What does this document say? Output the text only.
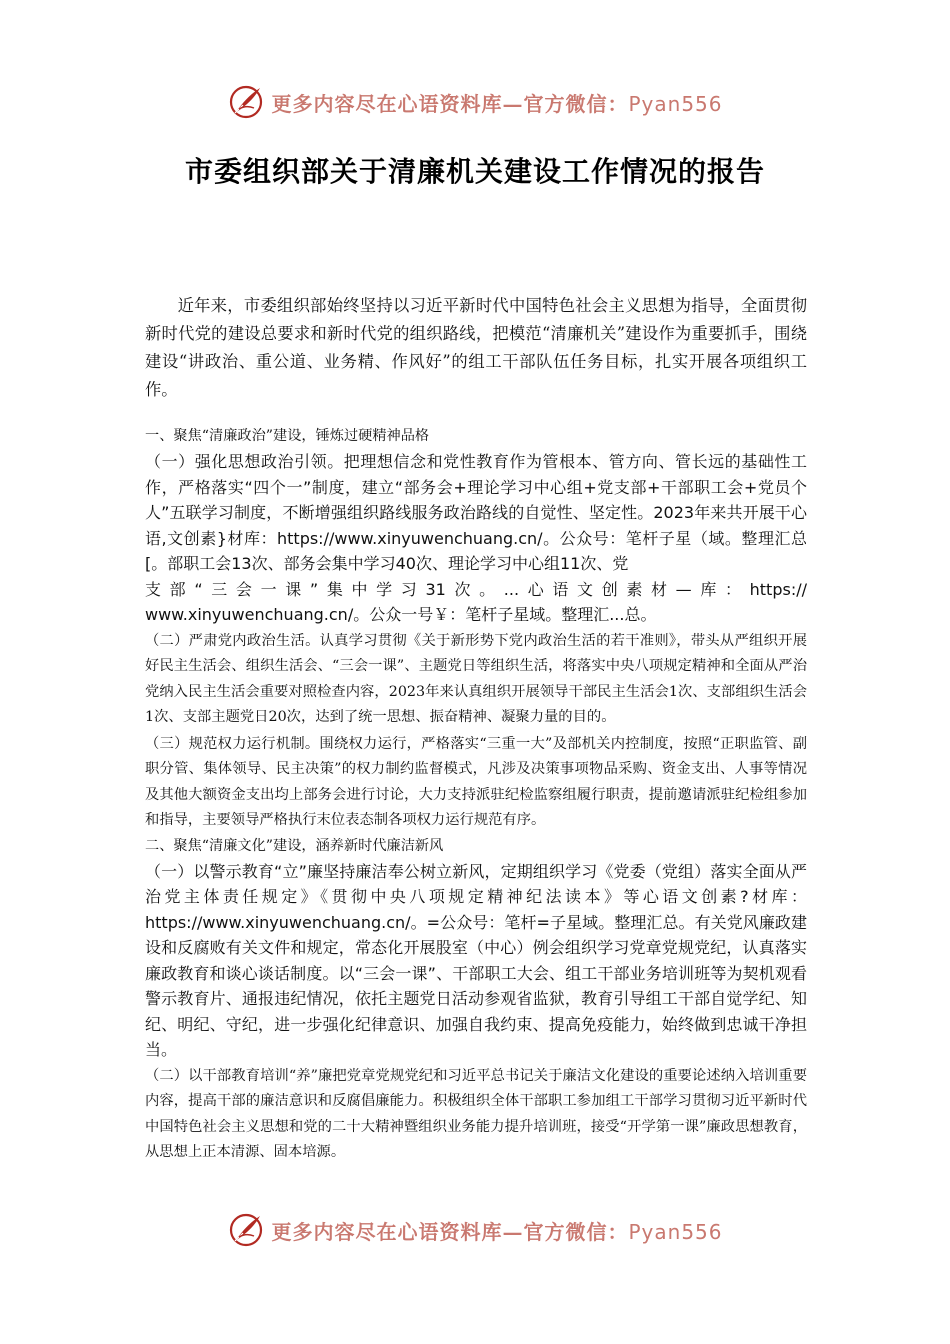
更多内容尽在心语资料库—官方微信：Pyan556
市委组织部关于清廉机关建设工作情况的报告

近年来，市委组织部始终坚持以习近平新时代中国特色社会主义思想为指导，全面贯彻新时代党的建设总要求和新时代党的组织路线，把模范“清廉机关”建设作为重要抓手，围绕建设“讲政治、重公道、业务精、作风好”的组工干部队伍任务目标，扎实开展各项组织工作。

一、聚焦“清廉政治”建设，锤炼过硬精神品格

（一）强化思想政治引领。把理想信念和党性教育作为管根本、管方向、管长远的基础性工作，严格落实“四个一”制度，建立“部务会+理论学习中心组+党支部+干部职工会+党员个人”五联学习制度，不断增强组织路线服务政治路线的自觉性、坚定性。2023年来共开展干心语,文创素}材库：https://www.xinyuwenchuang.cn/。公众号：笔杆子星（域。整理汇总[。部职工会13次、部务会集中学习40次、理论学习中心组11次、党

支部“三会一课”集中学习31次。...心语文创素材—库：https://

www.xinyuwenchuang.cn/。公众一号￥：笔杆子星域。整理汇...总。

（二）严肃党内政治生活。认真学习贯彻《关于新形势下党内政治生活的若干准则》，带头从严组织开展好民主生活会、组织生活会、“三会一课”、主题党日等组织生活，将落实中央八项规定精神和全面从严治党纳入民主生活会重要对照检查内容，2023年来认真组织开展领导干部民主生活会1次、支部组织生活会1次、支部主题党日20次，达到了统一思想、振奋精神、凝聚力量的目的。

（三）规范权力运行机制。围绕权力运行，严格落实“三重一大”及部机关内控制度，按照“正职监管、副职分管、集体领导、民主决策”的权力制约监督模式，凡涉及决策事项物品采购、资金支出、人事等情况及其他大额资金支出均上部务会进行讨论，大力支持派驻纪检监察组履行职责，提前邀请派驻纪检组参加和指导，主要领导严格执行末位表态制各项权力运行规范有序。

二、聚焦“清廉文化”建设，涵养新时代廉洁新风

（一）以警示教育“立”廉坚持廉洁奉公树立新风，定期组织学习《党委（党组）落实全面从严治党主体责任规定》《贯彻中央八项规定精神纪法读本》等心语文创素?材库：https://www.xinyuwenchuang.cn/。=公众号：笔杆=子星域。整理汇总。有关党风廉政建设和反腐败有关文件和规定，常态化开展股室（中心）例会组织学习党章党规党纪，认真落实廉政教育和谈心谈话制度。以“三会一课”、干部职工大会、组工干部业务培训班等为契机观看警示教育片、通报违纪情况，依托主题党日活动参观省监狱，教育引导组工干部自觉学纪、知纪、明纪、守纪，进一步强化纪律意识、加强自我约束、提高免疫能力，始终做到忠诚干净担当。

（二）以干部教育培训“养”廉把党章党规党纪和习近平总书记关于廉洁文化建设的重要论述纳入培训重要内容，提高干部的廉洁意识和反腐倡廉能力。积极组织全体干部职工参加组工干部学习贯彻习近平新时代中国特色社会主义思想和党的二十大精神暨组织业务能力提升培训班，接受“开学第一课”廉政思想教育，从思想上正本清源、固本培源。

更多内容尽在心语资料库—官方微信：Pyan556
